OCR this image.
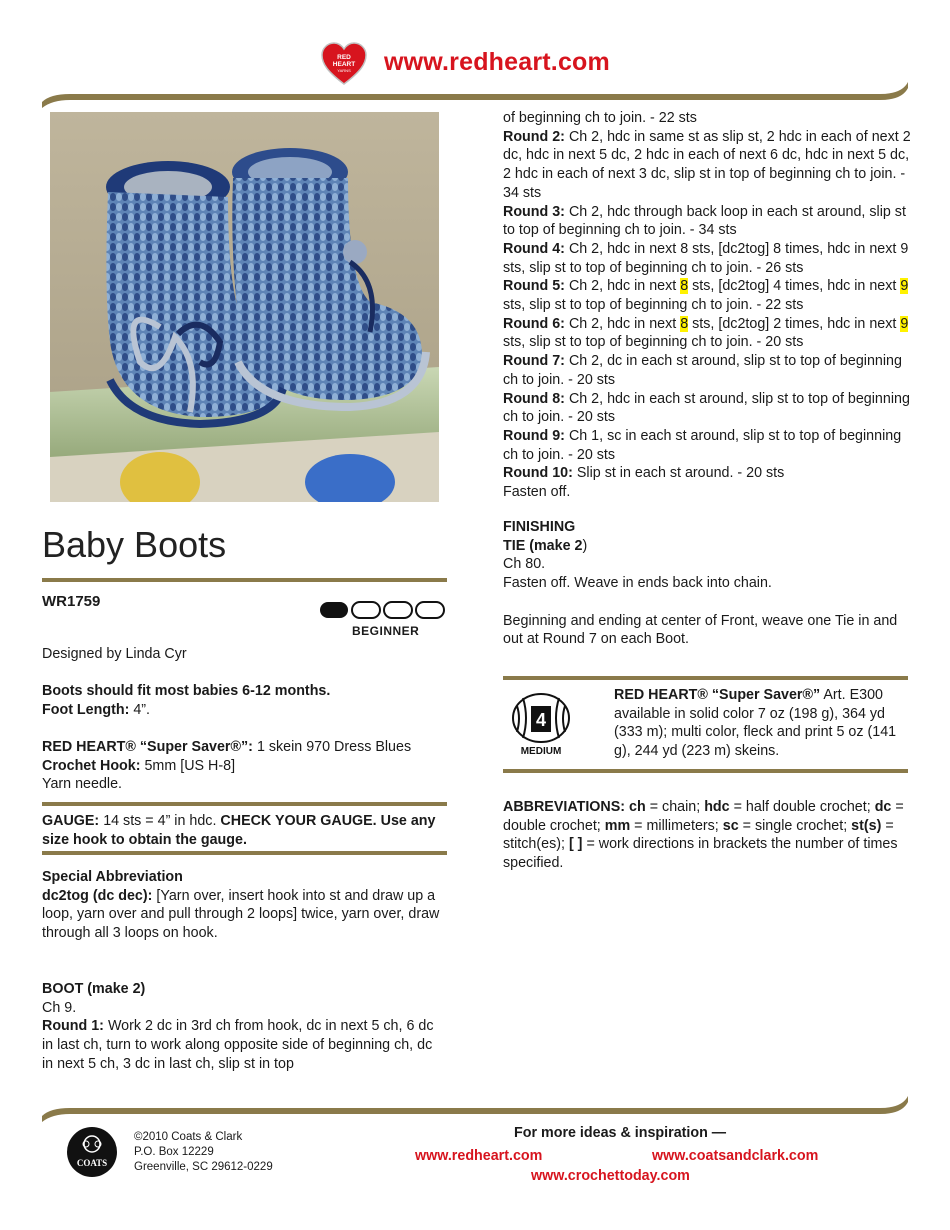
RED
HEART
YARNS www.redheart.com
Baby Boots
WR1759
BEGINNER
Designed by Linda Cyr

Boots should fit most babies 6-12 months.

Foot Length: 4”.

RED HEART® “Super Saver®”: 1 skein 970 Dress Blues

Crochet Hook: 5mm [US H-8]

Yarn needle.

GAUGE: 14 sts = 4” in hdc. CHECK YOUR GAUGE. Use any size hook to obtain the gauge.

Special Abbreviation

dc2tog (dc dec): [Yarn over, insert hook into st and draw up a loop, yarn over and pull through 2 loops] twice, yarn over, draw through all 3 loops on hook.

BOOT (make 2)

Ch 9.

Round 1: Work 2 dc in 3rd ch from hook, dc in next 5 ch, 6 dc in last ch, turn to work along opposite side of beginning ch, dc in next 5 ch, 3 dc in last ch, slip st in top

of beginning ch to join. - 22 sts

Round 2: Ch 2, hdc in same st as slip st, 2 hdc in each of next 2 dc, hdc in next 5 dc, 2 hdc in each of next 6 dc, hdc in next 5 dc, 2 hdc in each of next 3 dc, slip st in top of beginning ch to join. - 34 sts

Round 3: Ch 2, hdc through back loop in each st around, slip st to top of beginning ch to join. - 34 sts

Round 4: Ch 2, hdc in next 8 sts, [dc2tog] 8 times, hdc in next 9 sts, slip st to top of beginning ch to join. - 26 sts

Round 5: Ch 2, hdc in next 8 sts, [dc2tog] 4 times, hdc in next 9 sts, slip st to top of beginning ch to join. - 22 sts

Round 6: Ch 2, hdc in next 8 sts, [dc2tog] 2 times, hdc in next 9 sts, slip st to top of beginning ch to join. - 20 sts

Round 7: Ch 2, dc in each st around, slip st to top of beginning ch to join. - 20 sts

Round 8: Ch 2, hdc in each st around, slip st to top of beginning ch to join. - 20 sts

Round 9: Ch 1, sc in each st around, slip st to top of beginning ch to join. - 20 sts

Round 10: Slip st in each st around. - 20 sts

Fasten off.

FINISHING

TIE (make 2)

Ch 80.

Fasten off. Weave in ends back into chain.

Beginning and ending at center of Front, weave one Tie in and out at Round 7 on each Boot.

4
MEDIUM

RED HEART® “Super Saver®” Art. E300 available in solid color 7 oz (198 g), 364 yd (333 m); multi color, fleck and print 5 oz (141 g), 244 yd (223 m) skeins.

ABBREVIATIONS: ch = chain; hdc = half double crochet; dc = double crochet; mm = millimeters; sc = single crochet; st(s) = stitch(es); [ ] = work directions in brackets the number of times specified.

COATS
©2010 Coats & Clark
P.O. Box 12229
Greenville, SC 29612-0229
For more ideas & inspiration —
www.redheart.com	www.coatsandclark.com
www.crochettoday.com
